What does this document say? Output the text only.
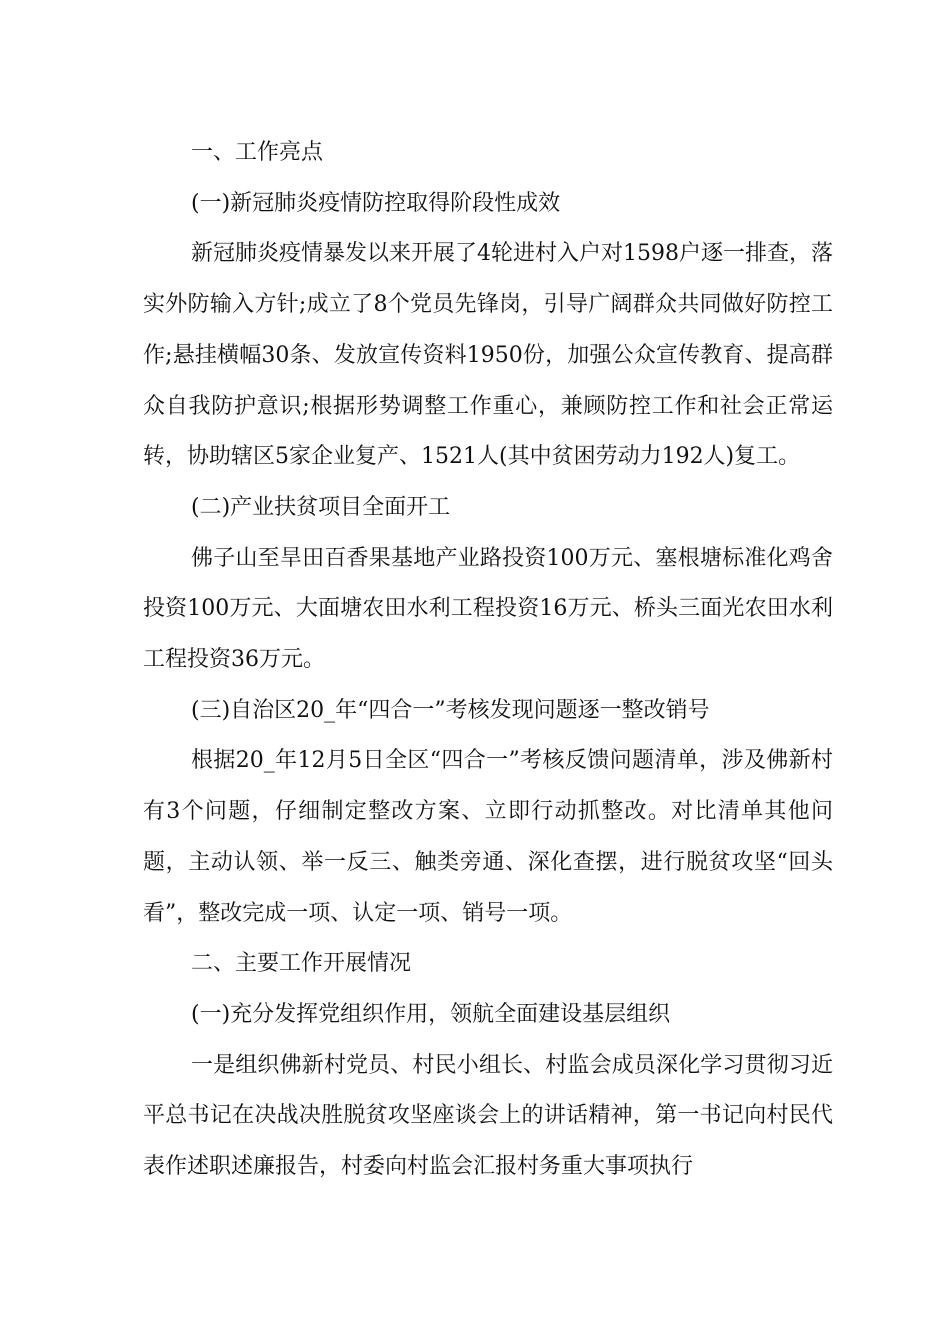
一、工作亮点

(一)新冠肺炎疫情防控取得阶段性成效

新冠肺炎疫情暴发以来开展了4轮进村入户对1598户逐一排查，落实外防输入方针;成立了8个党员先锋岗，引导广阔群众共同做好防控工作;悬挂横幅30条、发放宣传资料1950份，加强公众宣传教育、提高群众自我防护意识;根据形势调整工作重心，兼顾防控工作和社会正常运转，协助辖区5家企业复产、1521人(其中贫困劳动力192人)复工。

(二)产业扶贫项目全面开工

佛子山至旱田百香果基地产业路投资100万元、塞根塘标准化鸡舍投资100万元、大面塘农田水利工程投资16万元、桥头三面光农田水利工程投资36万元。

(三)自治区20_年“四合一”考核发现问题逐一整改销号

根据20_年12月5日全区“四合一”考核反馈问题清单，涉及佛新村有3个问题，仔细制定整改方案、立即行动抓整改。对比清单其他问题，主动认领、举一反三、触类旁通、深化查摆，进行脱贫攻坚“回头看”，整改完成一项、认定一项、销号一项。

二、主要工作开展情况

(一)充分发挥党组织作用，领航全面建设基层组织

一是组织佛新村党员、村民小组长、村监会成员深化学习贯彻习近平总书记在决战决胜脱贫攻坚座谈会上的讲话精神，第一书记向村民代表作述职述廉报告，村委向村监会汇报村务重大事项执行
